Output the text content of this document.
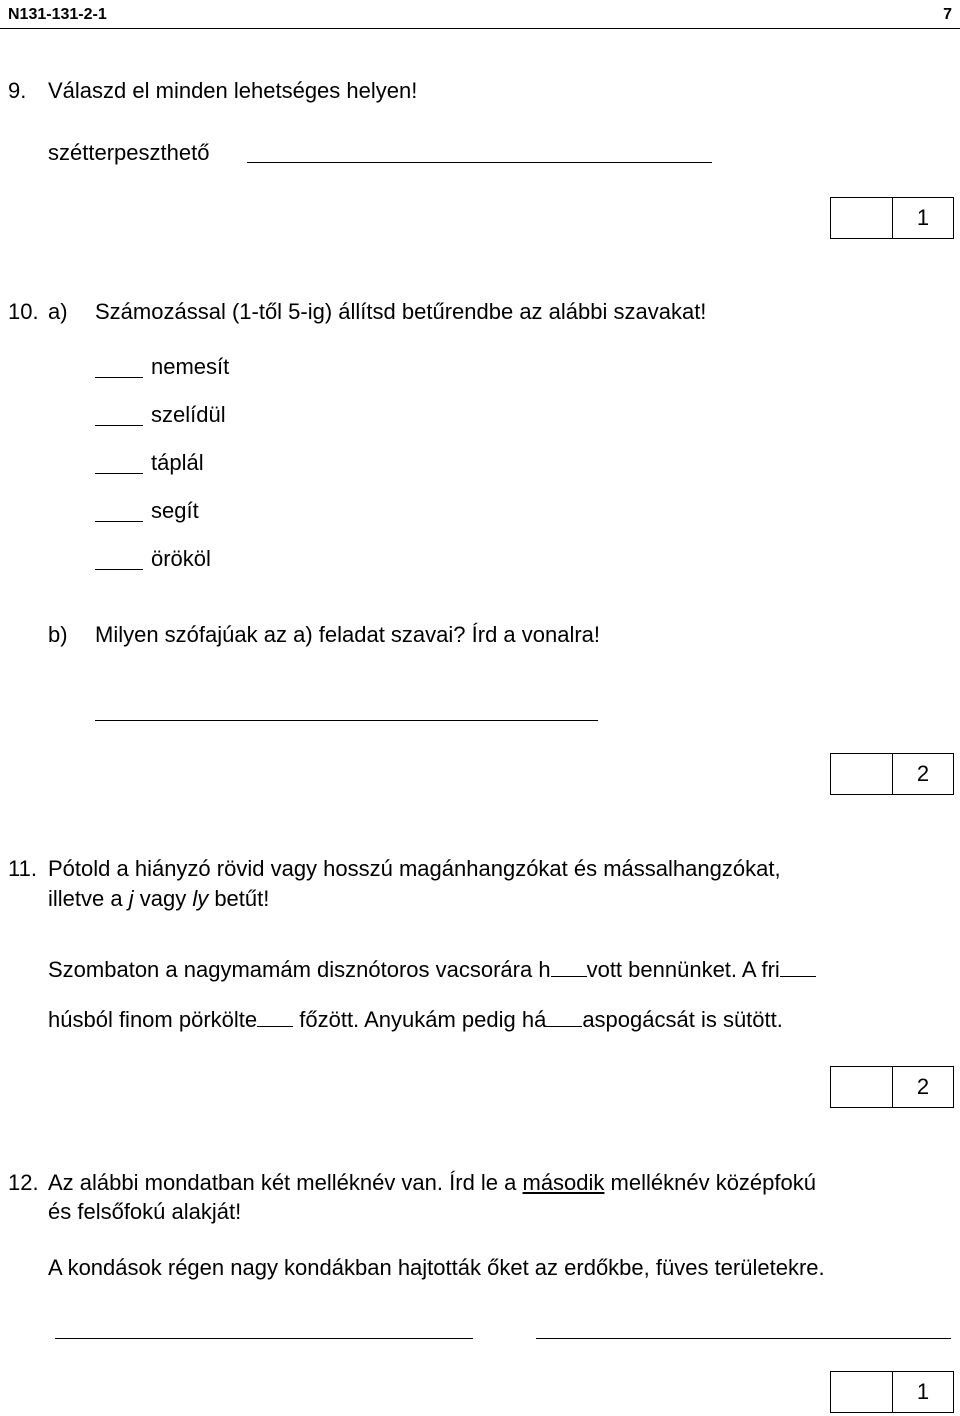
N131-131-2-1	7
9. Válaszd el minden lehetséges helyen!
szétterpeszthető
1
10. a) Számozással (1-től 5-ig) állítsd betűrendbe az alábbi szavakat!
nemesít
szelídül
táplál
segít
örököl
b) Milyen szófajúak az a) feladat szavai? Írd a vonalra!
2
11. Pótold a hiányzó rövid vagy hosszú magánhangzókat és mássalhangzókat,
illetve a j vagy ly betűt!
Szombaton a nagymamám disznótoros vacsorára h vott bennünket. A fri
húsból finom pörkölte főzött. Anyukám pedig há aspogácsát is sütött.
2
12. Az alábbi mondatban két melléknév van. Írd le a második melléknév középfokú
és felsőfokú alakját!
A kondások régen nagy kondákban hajtották őket az erdőkbe, füves területekre.
1
